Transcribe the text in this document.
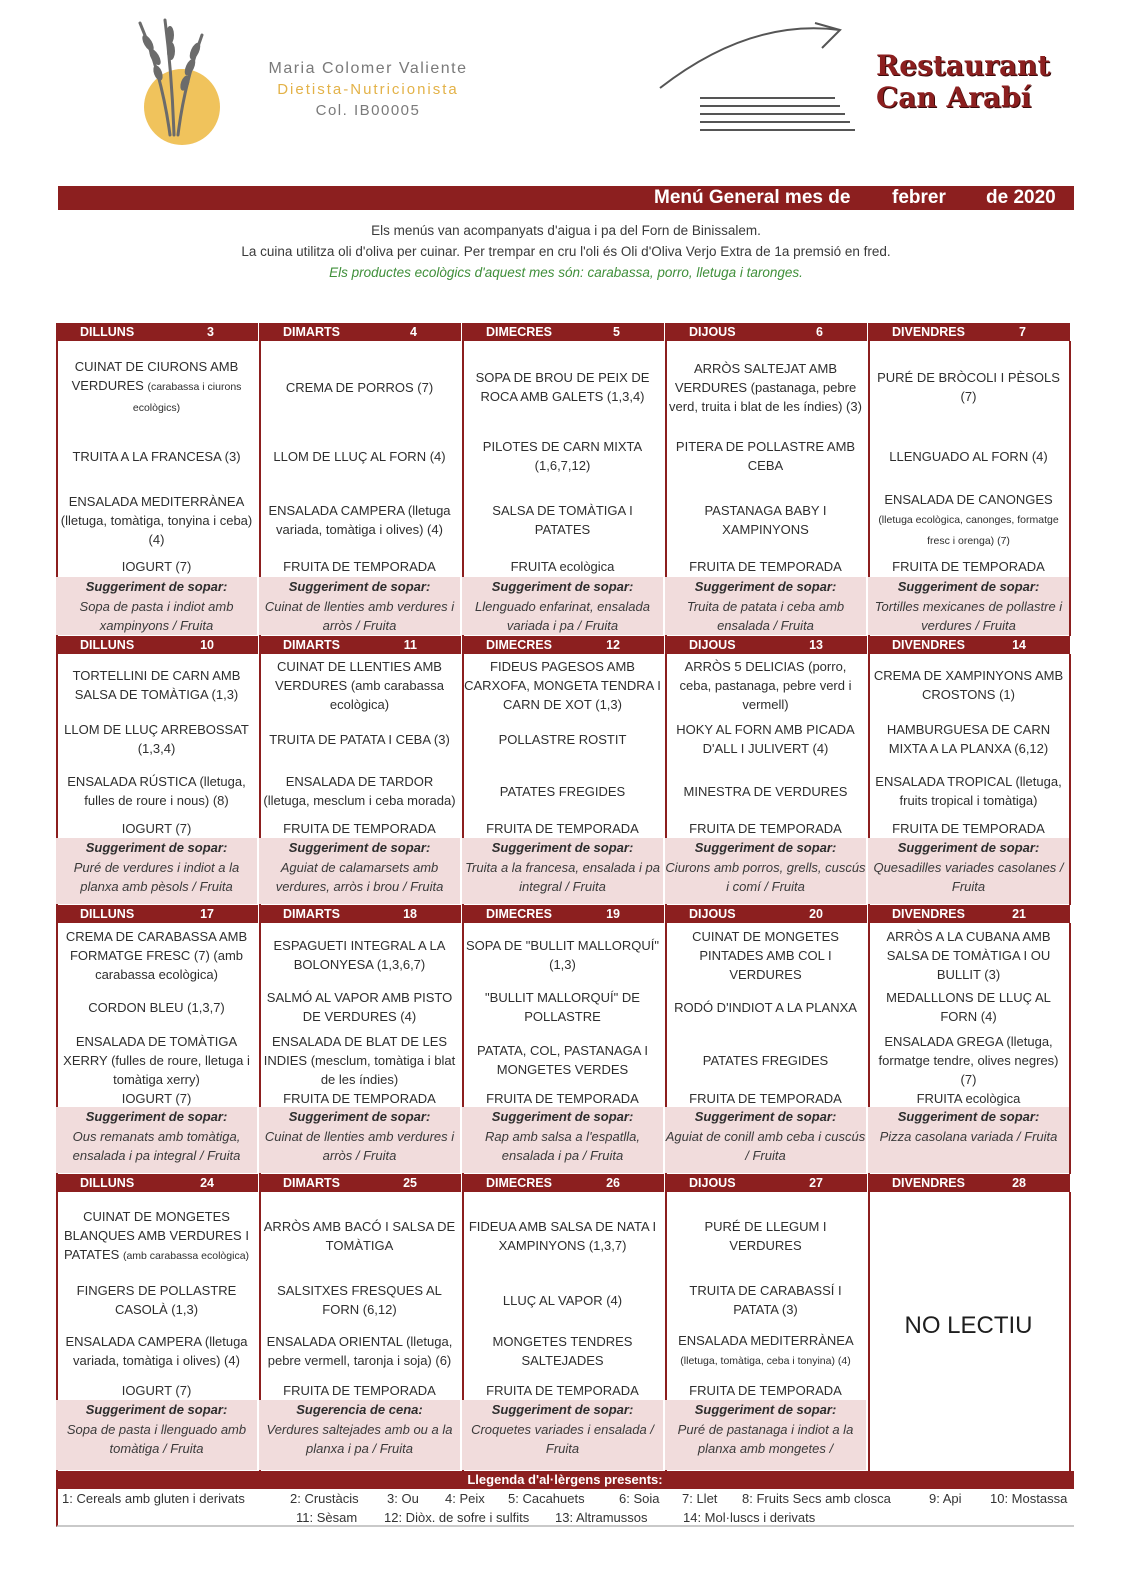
Maria Colomer Valiente
Dietista-Nutricionista
Col. IB00005
Restaurant
Can Arabí
Menú General mes de febrer de 2020
Els menús van acompanyats d'aigua i pa del Forn de Binissalem.
La cuina utilitza oli d'oliva per cuinar. Per trempar en cru l'oli és Oli d'Oliva Verjo Extra de 1a premsió en fred.
Els productes ecològics d'aquest mes són: carabassa, porro, lletuga i taronges.
DILLUNS	3
CUINAT DE CIURONS AMB VERDURES (carabassa i ciurons ecològics)
TRUITA A LA FRANCESA (3)
ENSALADA MEDITERRÀNEA (lletuga, tomàtiga, tonyina i ceba) (4)
IOGURT (7)
Suggeriment de sopar:
Sopa de pasta i indiot amb xampinyons / Fruita
DIMARTS	4
CREMA DE PORROS (7)
LLOM DE LLUÇ AL FORN (4)
ENSALADA CAMPERA (lletuga variada, tomàtiga i olives) (4)
FRUITA DE TEMPORADA
Suggeriment de sopar:
Cuinat de llenties amb verdures i arròs / Fruita
DIMECRES	5
SOPA DE BROU DE PEIX DE ROCA AMB GALETS (1,3,4)
PILOTES DE CARN MIXTA (1,6,7,12)
SALSA DE TOMÀTIGA I PATATES
FRUITA ecològica
Suggeriment de sopar:
Llenguado enfarinat, ensalada variada i pa / Fruita
DIJOUS	6
ARRÒS SALTEJAT AMB VERDURES (pastanaga, pebre verd, truita i blat de les índies) (3)
PITERA DE POLLASTRE AMB CEBA
PASTANAGA BABY I XAMPINYONS
FRUITA DE TEMPORADA
Suggeriment de sopar:
Truita de patata i ceba amb ensalada / Fruita
DIVENDRES	7
PURÉ DE BRÒCOLI I PÈSOLS (7)
LLENGUADO AL FORN (4)
ENSALADA DE CANONGES (lletuga ecològica, canonges, formatge fresc i orenga) (7)
FRUITA DE TEMPORADA
Suggeriment de sopar:
Tortilles mexicanes de pollastre i verdures / Fruita
DILLUNS	10
TORTELLINI DE CARN AMB SALSA DE TOMÀTIGA (1,3)
LLOM DE LLUÇ ARREBOSSAT (1,3,4)
ENSALADA RÚSTICA (lletuga, fulles de roure i nous) (8)
IOGURT (7)
Suggeriment de sopar:
Puré de verdures i indiot a la planxa amb pèsols / Fruita
DIMARTS	11
CUINAT DE LLENTIES AMB VERDURES (amb carabassa ecològica)
TRUITA DE PATATA I CEBA (3)
ENSALADA DE TARDOR (lletuga, mesclum i ceba morada)
FRUITA DE TEMPORADA
Suggeriment de sopar:
Aguiat de calamarsets amb verdures, arròs i brou / Fruita
DIMECRES	12
FIDEUS PAGESOS AMB CARXOFA, MONGETA TENDRA I CARN DE XOT (1,3)
POLLASTRE ROSTIT
PATATES FREGIDES
FRUITA DE TEMPORADA
Suggeriment de sopar:
Truita a la francesa, ensalada i pa integral / Fruita
DIJOUS	13
ARRÒS 5 DELICIAS (porro, ceba, pastanaga, pebre verd i vermell)
HOKY AL FORN AMB PICADA D'ALL I JULIVERT (4)
MINESTRA DE VERDURES
FRUITA DE TEMPORADA
Suggeriment de sopar:
Ciurons amb porros, grells, cuscús i comí / Fruita
DIVENDRES	14
CREMA DE XAMPINYONS AMB CROSTONS (1)
HAMBURGUESA DE CARN MIXTA A LA PLANXA (6,12)
ENSALADA TROPICAL (lletuga, fruits tropical i tomàtiga)
FRUITA DE TEMPORADA
Suggeriment de sopar:
Quesadilles variades casolanes / Fruita
DILLUNS	17
CREMA DE CARABASSA AMB FORMATGE FRESC (7) (amb carabassa ecològica)
CORDON BLEU (1,3,7)
ENSALADA DE TOMÀTIGA XERRY (fulles de roure, lletuga i tomàtiga xerry)
IOGURT (7)
Suggeriment de sopar:
Ous remanats amb tomàtiga, ensalada i pa integral / Fruita
DIMARTS	18
ESPAGUETI INTEGRAL A LA BOLONYESA (1,3,6,7)
SALMÓ AL VAPOR AMB PISTO DE VERDURES (4)
ENSALADA DE BLAT DE LES INDIES (mesclum, tomàtiga i blat de les índies)
FRUITA DE TEMPORADA
Suggeriment de sopar:
Cuinat de llenties amb verdures i arròs / Fruita
DIMECRES	19
SOPA DE "BULLIT MALLORQUÍ" (1,3)
"BULLIT MALLORQUÍ" DE POLLASTRE
PATATA, COL, PASTANAGA I MONGETES VERDES
FRUITA DE TEMPORADA
Suggeriment de sopar:
Rap amb salsa a l'espatlla, ensalada i pa / Fruita
DIJOUS	20
CUINAT DE MONGETES PINTADES AMB COL I VERDURES
RODÓ D'INDIOT A LA PLANXA
PATATES FREGIDES
FRUITA DE TEMPORADA
Suggeriment de sopar:
Aguiat de conill amb ceba i cuscús / Fruita
DIVENDRES	21
ARRÒS A LA CUBANA AMB SALSA DE TOMÀTIGA I OU BULLIT (3)
MEDALLLONS DE LLUÇ AL FORN (4)
ENSALADA GREGA (lletuga, formatge tendre, olives negres) (7)
FRUITA ecològica
Suggeriment de sopar:
Pizza casolana variada / Fruita
DILLUNS	24
CUINAT DE MONGETES BLANQUES AMB VERDURES I PATATES (amb carabassa ecològica)
FINGERS DE POLLASTRE CASOLÀ (1,3)
ENSALADA CAMPERA (lletuga variada, tomàtiga i olives) (4)
IOGURT (7)
Suggeriment de sopar:
Sopa de pasta i llenguado amb tomàtiga / Fruita
DIMARTS	25
ARRÒS AMB BACÓ I SALSA DE TOMÀTIGA
SALSITXES FRESQUES AL FORN (6,12)
ENSALADA ORIENTAL (lletuga, pebre vermell, taronja i soja) (6)
FRUITA DE TEMPORADA
Sugerencia de cena:
Verdures saltejades amb ou a la planxa i pa / Fruita
DIMECRES	26
FIDEUA AMB SALSA DE NATA I XAMPINYONS (1,3,7)
LLUÇ AL VAPOR (4)
MONGETES TENDRES SALTEJADES
FRUITA DE TEMPORADA
Suggeriment de sopar:
Croquetes variades i ensalada / Fruita
DIJOUS	27
PURÉ DE LLEGUM I VERDURES
TRUITA DE CARABASSÍ I PATATA (3)
ENSALADA MEDITERRÀNEA (lletuga, tomàtiga, ceba i tonyina) (4)
FRUITA DE TEMPORADA
Suggeriment de sopar:
Puré de pastanaga i indiot a la planxa amb mongetes /
DIVENDRES	28
NO LECTIU
Llegenda d'al·lèrgens presents:
1: Cereals amb gluten i derivats	2: Crustàcis 3: Ou 4: Peix 5: Cacahuets	6: Soia 7: Llet 8: Fruits Secs amb closca	9: Api 10: Mostassa
11: Sèsam 12: Diòx. de sofre i sulfits 13: Altramussos	14: Mol·luscs i derivats
